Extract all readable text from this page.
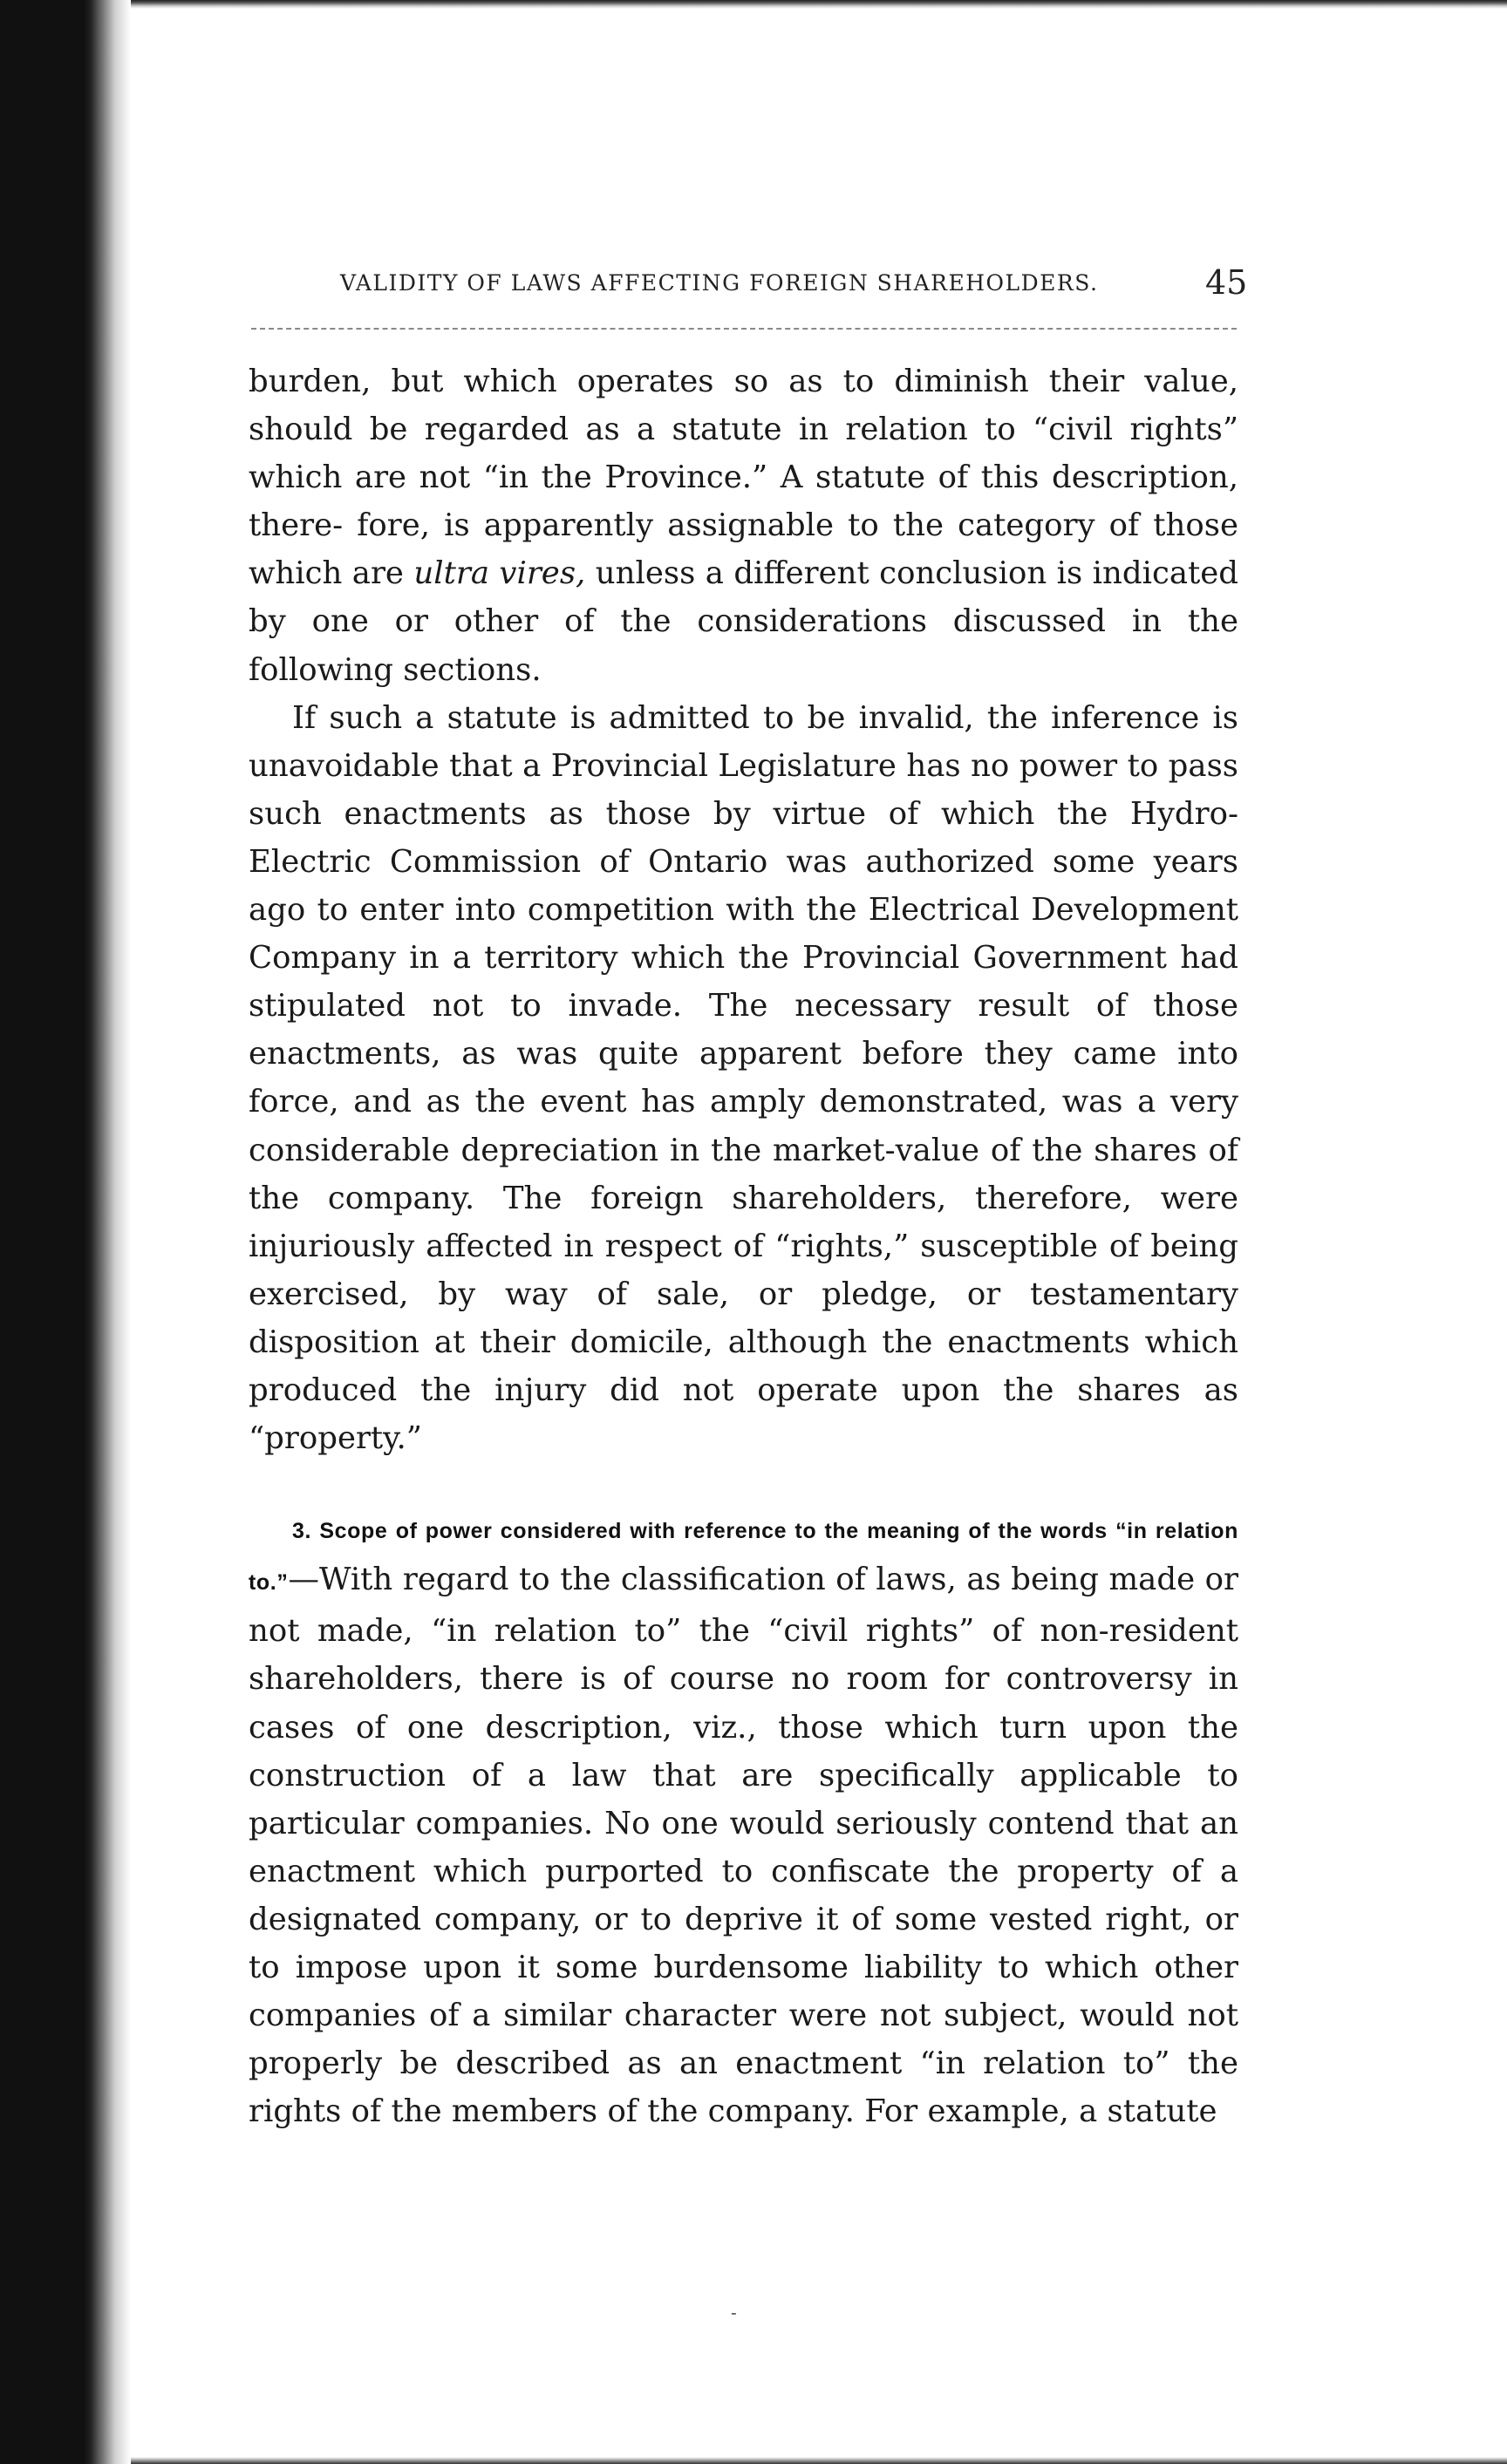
VALIDITY OF LAWS AFFECTING FOREIGN SHAREHOLDERS.	45

burden, but which operates so as to diminish their value, should be regarded as a statute in relation to “civil rights” which are not “in the Province.” A statute of this description, there- fore, is apparently assignable to the category of those which are ultra vires, unless a different conclusion is indicated by one or other of the considerations discussed in the following sections.

If such a statute is admitted to be invalid, the inference is unavoidable that a Provincial Legislature has no power to pass such enactments as those by virtue of which the Hydro-Electric Commission of Ontario was authorized some years ago to enter into competition with the Electrical Development Company in a territory which the Provincial Government had stipulated not to invade. The necessary result of those enactments, as was quite apparent before they came into force, and as the event has amply demonstrated, was a very considerable depreciation in the market-value of the shares of the company. The foreign shareholders, therefore, were injuriously affected in respect of “rights,” susceptible of being exercised, by way of sale, or pledge, or testamentary disposition at their domicile, although the enactments which produced the injury did not operate upon the shares as “property.”

3. Scope of power considered with reference to the meaning of the words “in relation to.”—With regard to the classification of laws, as being made or not made, “in relation to” the “civil rights” of non-resident shareholders, there is of course no room for controversy in cases of one description, viz., those which turn upon the construction of a law that are specifically applicable to particular companies. No one would seriously contend that an enactment which purported to confiscate the property of a designated company, or to deprive it of some vested right, or to impose upon it some burdensome liability to which other companies of a similar character were not subject, would not properly be described as an enactment “in relation to” the rights of the members of the company. For example, a statute

-
